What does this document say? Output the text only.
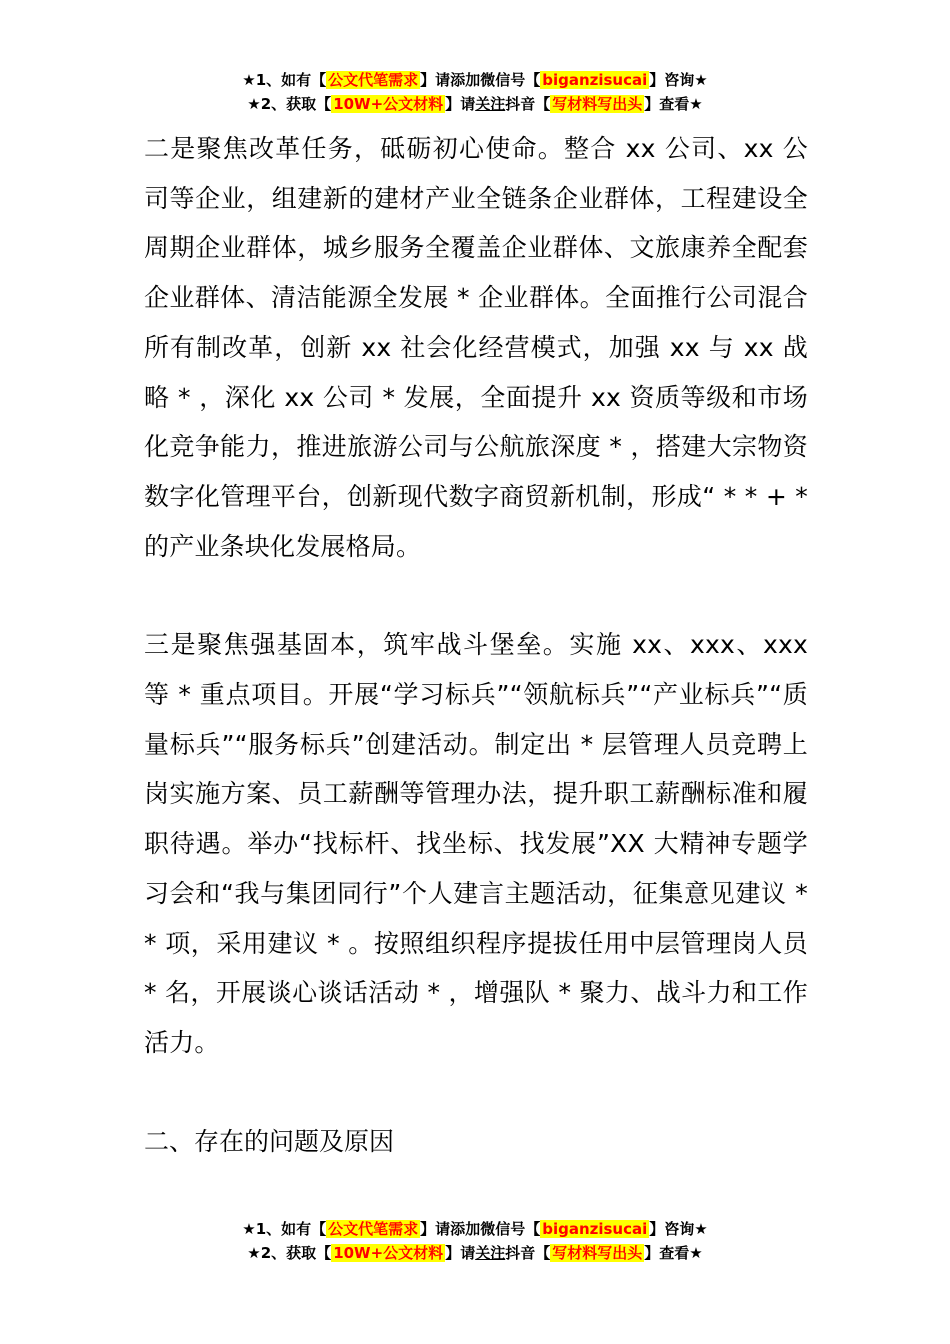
★1、如有【 公文代笔需求 】请添加微信号【 biganzisucai 】咨询★
★2、获取【 10W+公文材料 】请关注抖音【 写材料写出头 】查看★

二是聚焦改革任务，砥砺初心使命。整合 xx 公司、xx 公司等企业，组建新的建材产业全链条企业群体，工程建设全周期企业群体，城乡服务全覆盖企业群体、文旅康养全配套企业群体、清洁能源全发展 * 企业群体。全面推行公司混合所有制改革，创新 xx 社会化经营模式，加强 xx 与 xx 战略 * ，深化 xx 公司 * 发展，全面提升 xx 资质等级和市场化竞争能力，推进旅游公司与公航旅深度 * ，搭建大宗物资数字化管理平台，创新现代数字商贸新机制，形成“ * * + * 的产业条块化发展格局。

三是聚焦强基固本，筑牢战斗堡垒。实施 xx、xxx、xxx 等 * 重点项目。开展“学习标兵”“领航标兵”“产业标兵”“质量标兵”“服务标兵”创建活动。制定出 * 层管理人员竞聘上岗实施方案、员工薪酬等管理办法，提升职工薪酬标准和履职待遇。举办“找标杆、找坐标、找发展”XX 大精神专题学习会和“我与集团同行”个人建言主题活动，征集意见建议 * * 项，采用建议 * 。按照组织程序提拔任用中层管理岗人员 * 名，开展谈心谈话活动 * ，增强队 * 聚力、战斗力和工作活力。

二、存在的问题及原因
★1、如有【 公文代笔需求 】请添加微信号【 biganzisucai 】咨询★
★2、获取【 10W+公文材料 】请关注抖音【 写材料写出头 】查看★
